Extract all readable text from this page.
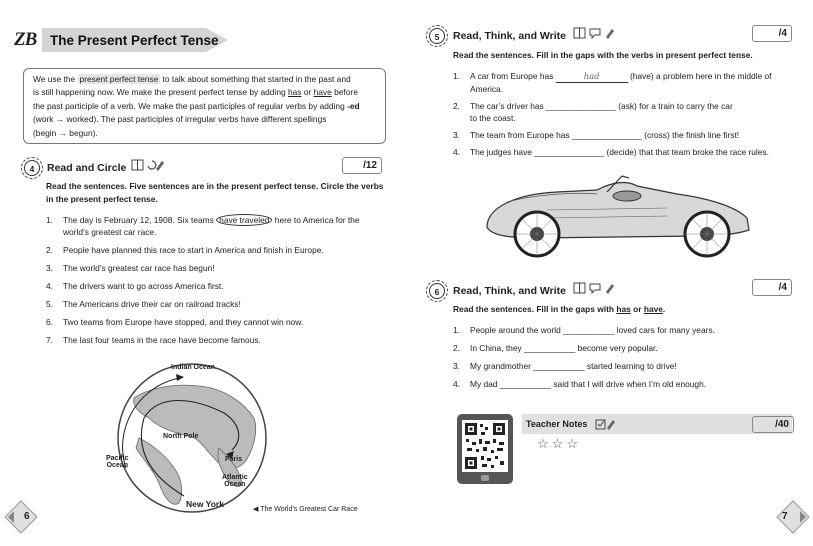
ZB	The Present Perfect Tense
We use the present perfect tense to talk about something that started in the past and
is still happening now. We make the present perfect tense by adding has or have before
the past participle of a verb. We make the past participles of regular verbs by adding -ed
(work → worked). The past participles of irregular verbs have different spellings
(begin → begun).
4	Read and Circle	/12
Read the sentences. Five sentences are in the present perfect tense. Circle the verbs
in the present perfect tense.
1. The day is February 12, 1908. Six teams have traveled here to America for the
world’s greatest car race.
2. People have planned this race to start in America and finish in Europe.
3. The world’s greatest car race has begun!
4. The drivers want to go across America first.
5. The Americans drive their car on railroad tracks!
6. Two teams from Europe have stopped, and they cannot win now.
7. The last four teams in the race have become famous.
Indian Ocean
North Pole
Paris
Pacific
Ocean
Atlantic
Ocean
New York
◀ The World’s Greatest Car Race
6
5	Read, Think, and Write	/4
Read the sentences. Fill in the gaps with the verbs in present perfect tense.
1. A car from Europe has	had	(have) a problem here in the middle of
America.
2. The car’s driver has _______________ (ask) for a train to carry the car
to the coast.
3. The team from Europe has _______________ (cross) the finish line first!
4. The judges have _______________ (decide) that that team broke the race rules.
6	Read, Think, and Write	/4
Read the sentences. Fill in the gaps with has or have.
1. People around the world ___________ loved cars for many years.
2. In China, they ___________ become very popular.
3. My grandmother ___________ started learning to drive!
4. My dad ___________ said that I will drive when I’m old enough.
Teacher Notes	/40
☆☆☆
7
